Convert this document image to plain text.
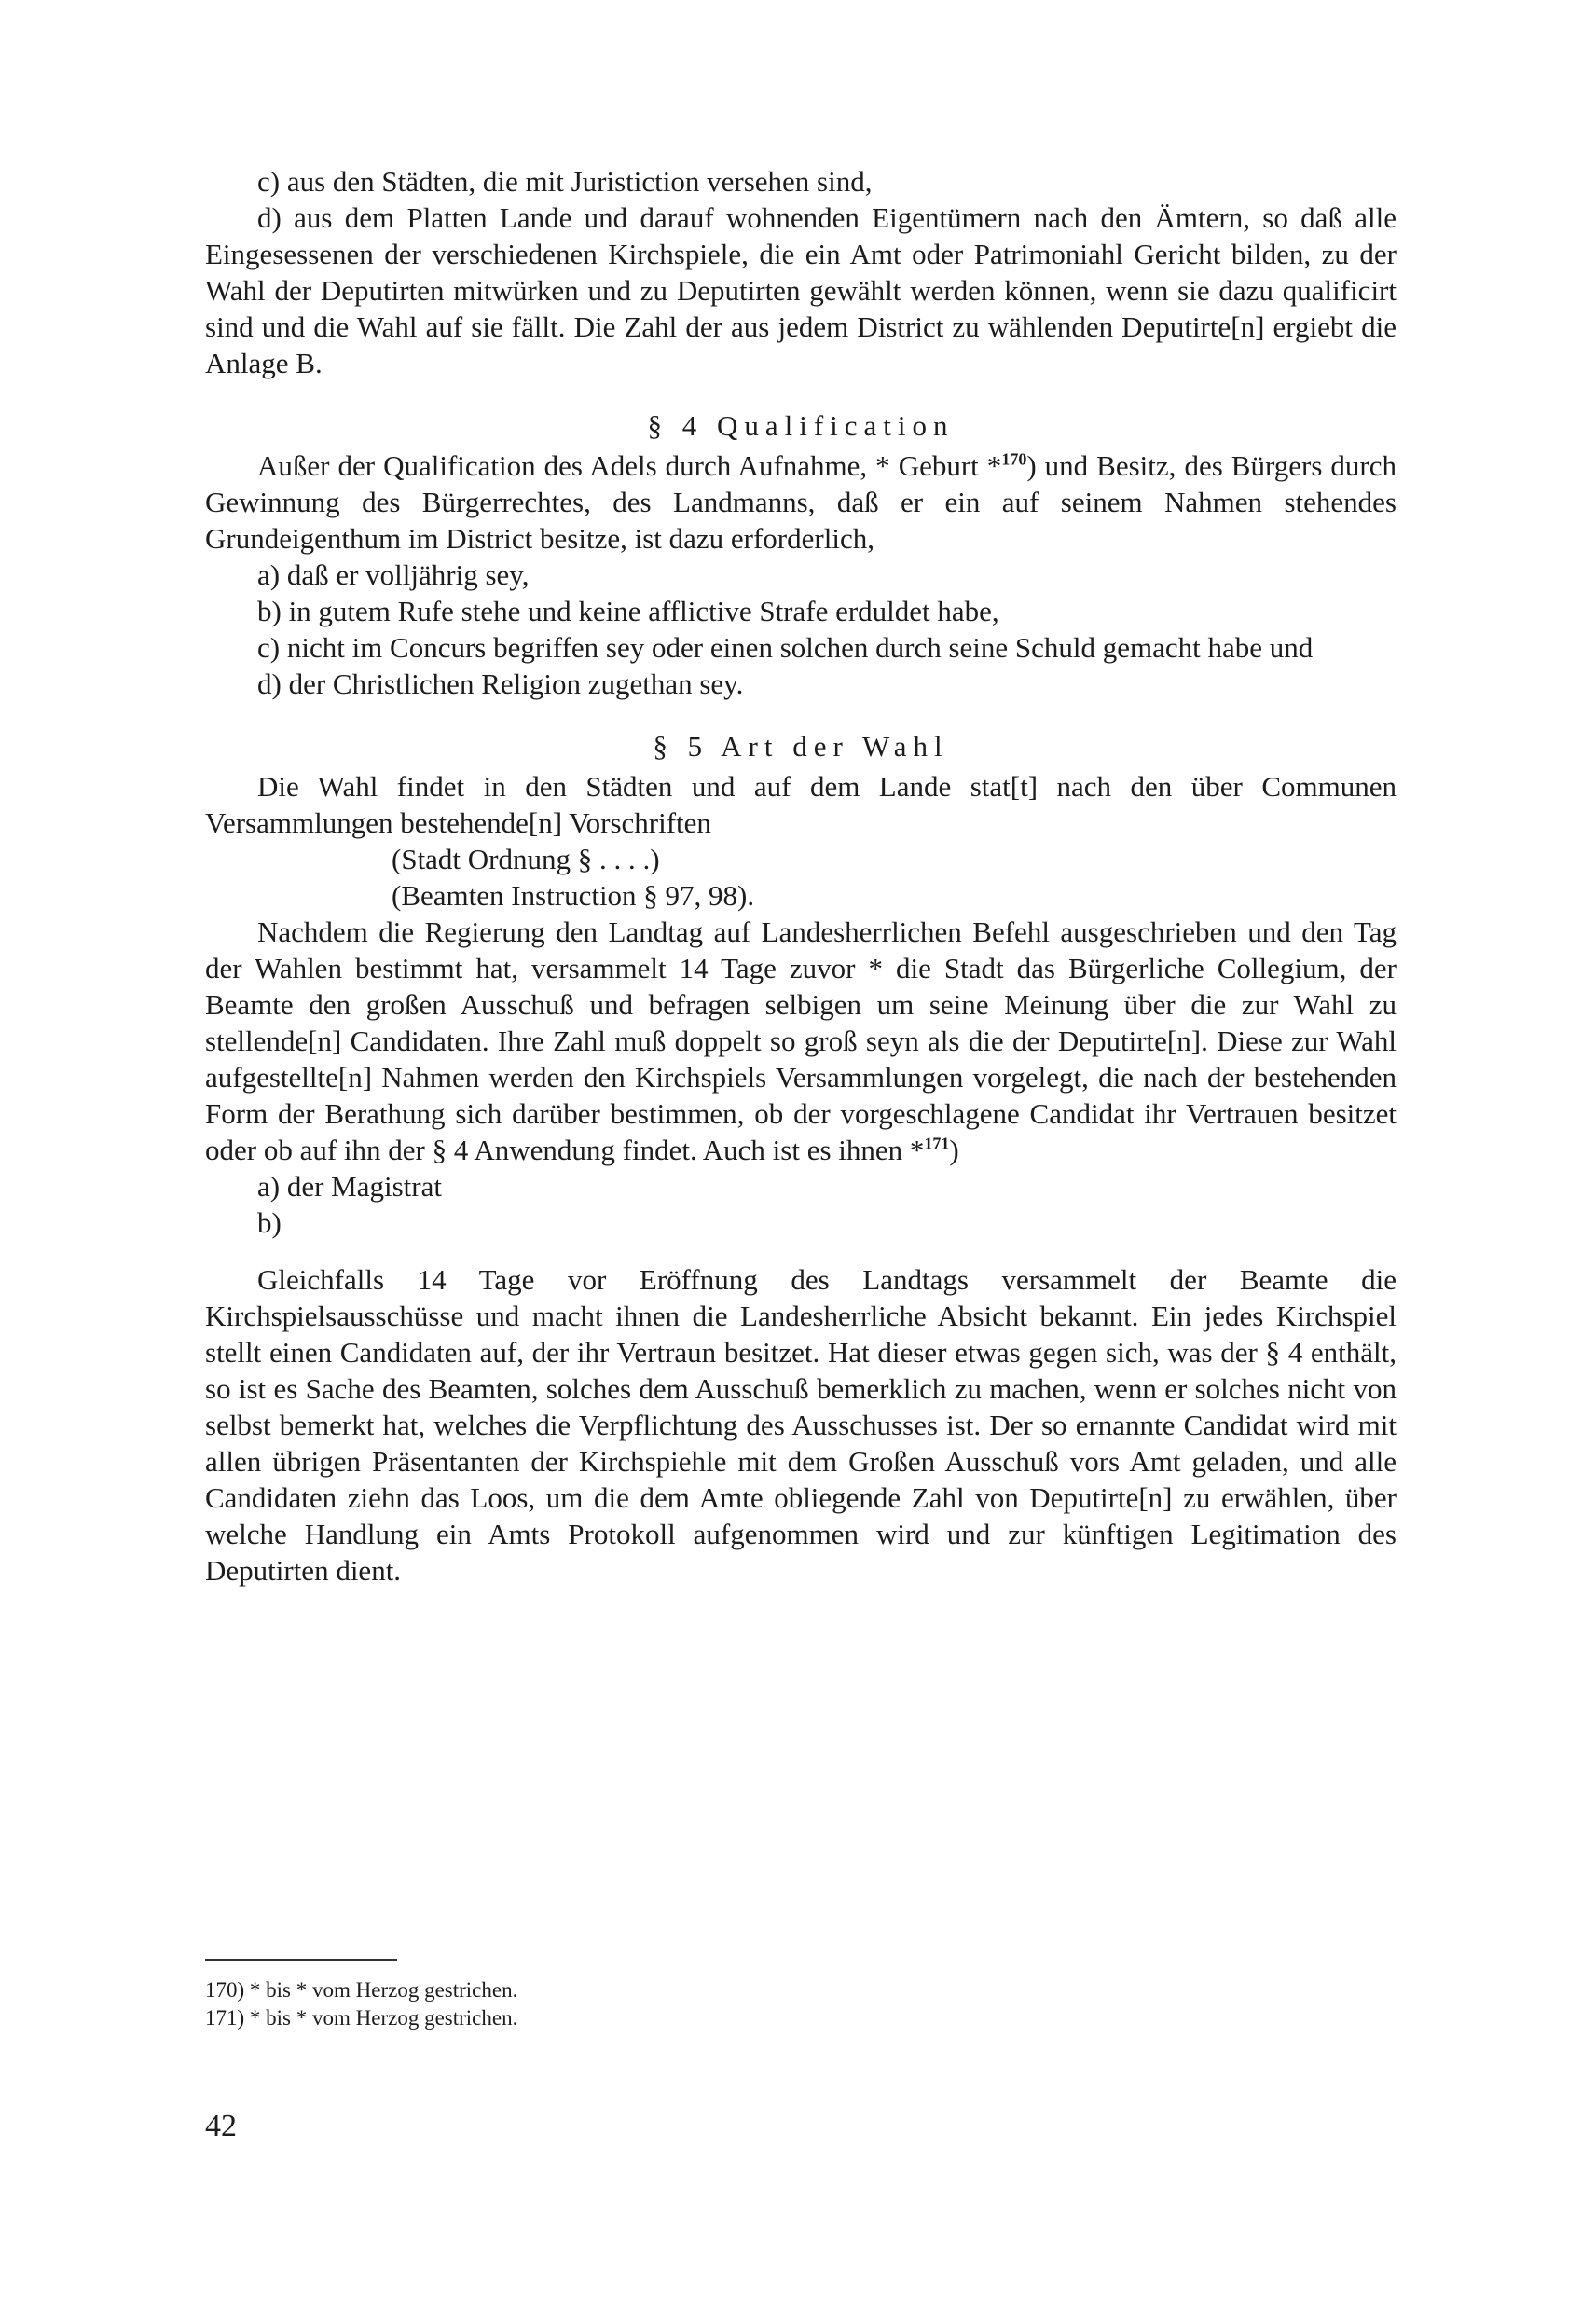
c) aus den Städten, die mit Juristiction versehen sind,

d) aus dem Platten Lande und darauf wohnenden Eigentümern nach den Ämtern, so daß alle Eingesessenen der verschiedenen Kirchspiele, die ein Amt oder Patrimoniahl Gericht bilden, zu der Wahl der Deputirten mitwürken und zu Deputirten gewählt werden können, wenn sie dazu qualificirt sind und die Wahl auf sie fällt. Die Zahl der aus jedem District zu wählenden Deputirte[n] ergiebt die Anlage B.

§ 4 Qualification

Außer der Qualification des Adels durch Aufnahme, * Geburt *$^{170}$) und Besitz, des Bürgers durch Gewinnung des Bürgerrechtes, des Landmanns, daß er ein auf seinem Nahmen stehendes Grundeigenthum im District besitze, ist dazu erforderlich,

a) daß er volljährig sey,

b) in gutem Rufe stehe und keine afflictive Strafe erduldet habe,

c) nicht im Concurs begriffen sey oder einen solchen durch seine Schuld gemacht habe und

d) der Christlichen Religion zugethan sey.

§ 5 Art der Wahl

Die Wahl findet in den Städten und auf dem Lande stat[t] nach den über Communen Versammlungen bestehende[n] Vorschriften

(Stadt Ordnung § . . . .)

(Beamten Instruction § 97, 98).

Nachdem die Regierung den Landtag auf Landesherrlichen Befehl ausgeschrieben und den Tag der Wahlen bestimmt hat, versammelt 14 Tage zuvor * die Stadt das Bürgerliche Collegium, der Beamte den großen Ausschuß und befragen selbigen um seine Meinung über die zur Wahl zu stellende[n] Candidaten. Ihre Zahl muß doppelt so groß seyn als die der Deputirte[n]. Diese zur Wahl aufgestellte[n] Nahmen werden den Kirchspiels Versammlungen vorgelegt, die nach der bestehenden Form der Berathung sich darüber bestimmen, ob der vorgeschlagene Candidat ihr Vertrauen besitzet oder ob auf ihn der § 4 Anwendung findet. Auch ist es ihnen *$^{171}$)

a) der Magistrat

b)

Gleichfalls 14 Tage vor Eröffnung des Landtags versammelt der Beamte die Kirchspielsausschüsse und macht ihnen die Landesherrliche Absicht bekannt. Ein jedes Kirchspiel stellt einen Candidaten auf, der ihr Vertraun besitzet. Hat dieser etwas gegen sich, was der § 4 enthält, so ist es Sache des Beamten, solches dem Ausschuß bemerklich zu machen, wenn er solches nicht von selbst bemerkt hat, welches die Verpflichtung des Ausschusses ist. Der so ernannte Candidat wird mit allen übrigen Präsentanten der Kirchspiehle mit dem Großen Ausschuß vors Amt geladen, und alle Candidaten ziehn das Loos, um die dem Amte obliegende Zahl von Deputirte[n] zu erwählen, über welche Handlung ein Amts Protokoll aufgenommen wird und zur künftigen Legitimation des Deputirten dient.

170) * bis * vom Herzog gestrichen.

171) * bis * vom Herzog gestrichen.

42
